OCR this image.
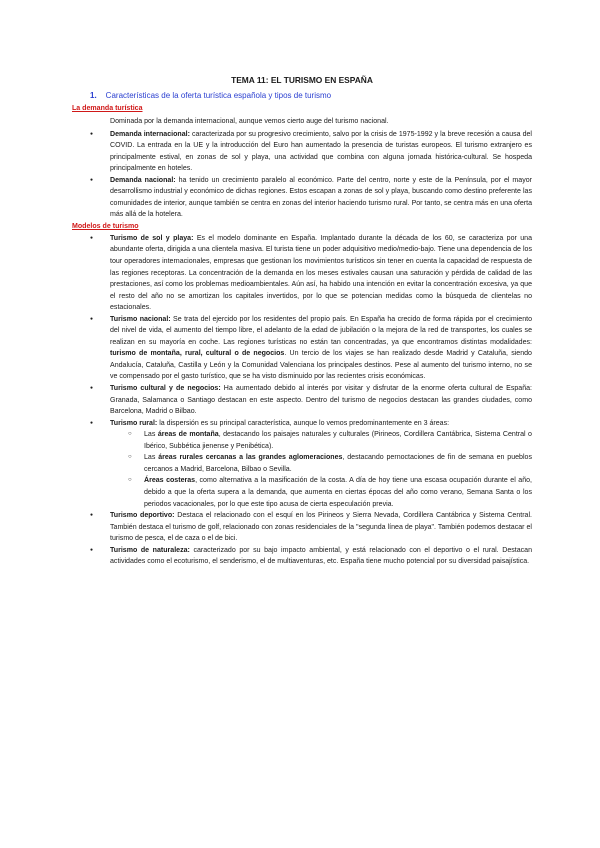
TEMA 11: EL TURISMO EN ESPAÑA
1. Características de la oferta turística española y tipos de turismo
La demanda turística
Dominada por la demanda internacional, aunque vemos cierto auge del turismo nacional.
● Demanda internacional: caracterizada por su progresivo crecimiento, salvo por la crisis de 1975-1992 y la breve recesión a causa del COVID. La entrada en la UE y la introducción del Euro han aumentado la presencia de turistas europeos. El turismo extranjero es principalmente estival, en zonas de sol y playa, una actividad que combina con alguna jornada histórica-cultural. Se hospeda principalmente en hoteles.
● Demanda nacional: ha tenido un crecimiento paralelo al económico. Parte del centro, norte y este de la Península, por el mayor desarrollismo industrial y económico de dichas regiones. Estos escapan a zonas de sol y playa, buscando como destino preferente las comunidades de interior, aunque también se centra en zonas del interior haciendo turismo rural. Por tanto, se centra más en una oferta más allá de la hotelera.
Modelos de turismo
● Turismo de sol y playa: Es el modelo dominante en España. Implantado durante la década de los 60, se caracteriza por una abundante oferta, dirigida a una clientela masiva. El turista tiene un poder adquisitivo medio/medio-bajo. Tiene una dependencia de los tour operadores internacionales, empresas que gestionan los movimientos turísticos sin tener en cuenta la capacidad de respuesta de las regiones receptoras. La concentración de la demanda en los meses estivales causan una saturación y pérdida de calidad de las prestaciones, así como los problemas medioambientales. Aún así, ha habido una intención en evitar la concentración excesiva, ya que el resto del año no se amortizan los capitales invertidos, por lo que se potencian medidas como la búsqueda de clientelas no estacionales.
● Turismo nacional: Se trata del ejercido por los residentes del propio país. En España ha crecido de forma rápida por el crecimiento del nivel de vida, el aumento del tiempo libre, el adelanto de la edad de jubilación o la mejora de la red de transportes, los cuales se realizan en su mayoría en coche. Las regiones turísticas no están tan concentradas, ya que encontramos distintas modalidades: turismo de montaña, rural, cultural o de negocios. Un tercio de los viajes se han realizado desde Madrid y Cataluña, siendo Andalucía, Cataluña, Castilla y León y la Comunidad Valenciana los principales destinos. Pese al aumento del turismo interno, no se ve compensado por el gasto turístico, que se ha visto disminuido por las recientes crisis económicas.
● Turismo cultural y de negocios: Ha aumentado debido al interés por visitar y disfrutar de la enorme oferta cultural de España: Granada, Salamanca o Santiago destacan en este aspecto. Dentro del turismo de negocios destacan las grandes ciudades, como Barcelona, Madrid o Bilbao.
● Turismo rural: la dispersión es su principal característica, aunque lo vemos predominantemente en 3 áreas:
○ Las áreas de montaña, destacando los paisajes naturales y culturales (Pirineos, Cordillera Cantábrica, Sistema Central o Ibérico, Subbética jienense y Penibética).
○ Las áreas rurales cercanas a las grandes aglomeraciones, destacando pernoctaciones de fin de semana en pueblos cercanos a Madrid, Barcelona, Bilbao o Sevilla.
○ Áreas costeras, como alternativa a la masificación de la costa. A día de hoy tiene una escasa ocupación durante el año, debido a que la oferta supera a la demanda, que aumenta en ciertas épocas del año como verano, Semana Santa o los periodos vacacionales, por lo que este tipo acusa de cierta especulación previa.
● Turismo deportivo: Destaca el relacionado con el esquí en los Pirineos y Sierra Nevada, Cordillera Cantábrica y Sistema Central. También destaca el turismo de golf, relacionado con zonas residenciales de la "segunda línea de playa". También podemos destacar el turismo de pesca, el de caza o el de bici.
● Turismo de naturaleza: caracterizado por su bajo impacto ambiental, y está relacionado con el deportivo o el rural. Destacan actividades como el ecoturismo, el senderismo, el de multiaventuras, etc. España tiene mucho potencial por su diversidad paisajística.
